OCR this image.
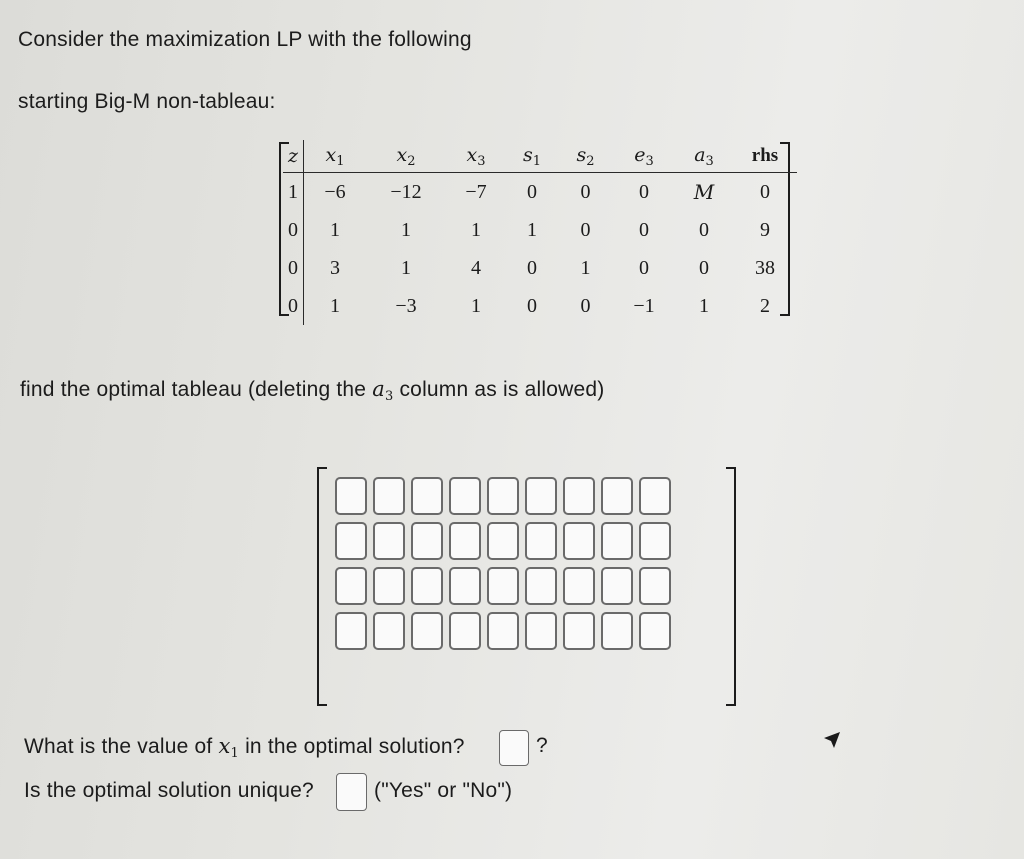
Consider the maximization LP with the following
starting Big-M non-tableau:
z	$x_1$	$x_2$	$x_3$	$s_1$	$s_2$	$e_3$	$a_3$	rhs
1	−6	−12	−7	0	0	0	M	0
0	1	1	1	1	0	0	0	9
0	3	1	4	0	1	0	0	38
0	1	−3	1	0	0	−1	1	2
find the optimal tableau (deleting the $a_3$ column as is allowed)
What is the value of $x_1$ in the optimal solution?	?
Is the optimal solution unique?	("Yes" or "No")
